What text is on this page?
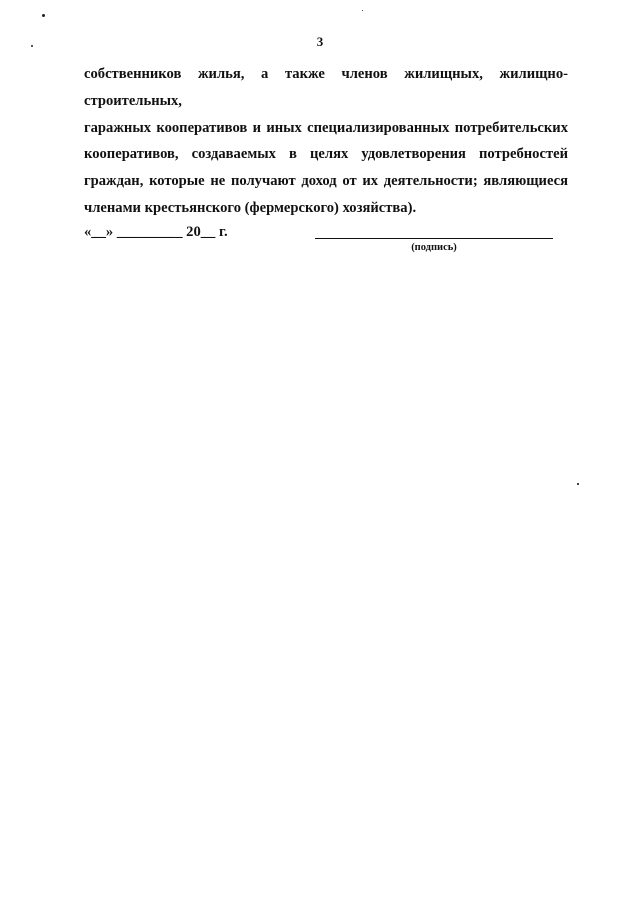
3
собственников жилья, а также членов жилищных, жилищно-строительных,
гаражных кооперативов и иных специализированных потребительских
кооперативов, создаваемых в целях удовлетворения потребностей
граждан, которые не получают доход от их деятельности; являющиеся
членами крестьянского (фермерского) хозяйства).
«__» _________ 20__ г.
(подпись)
